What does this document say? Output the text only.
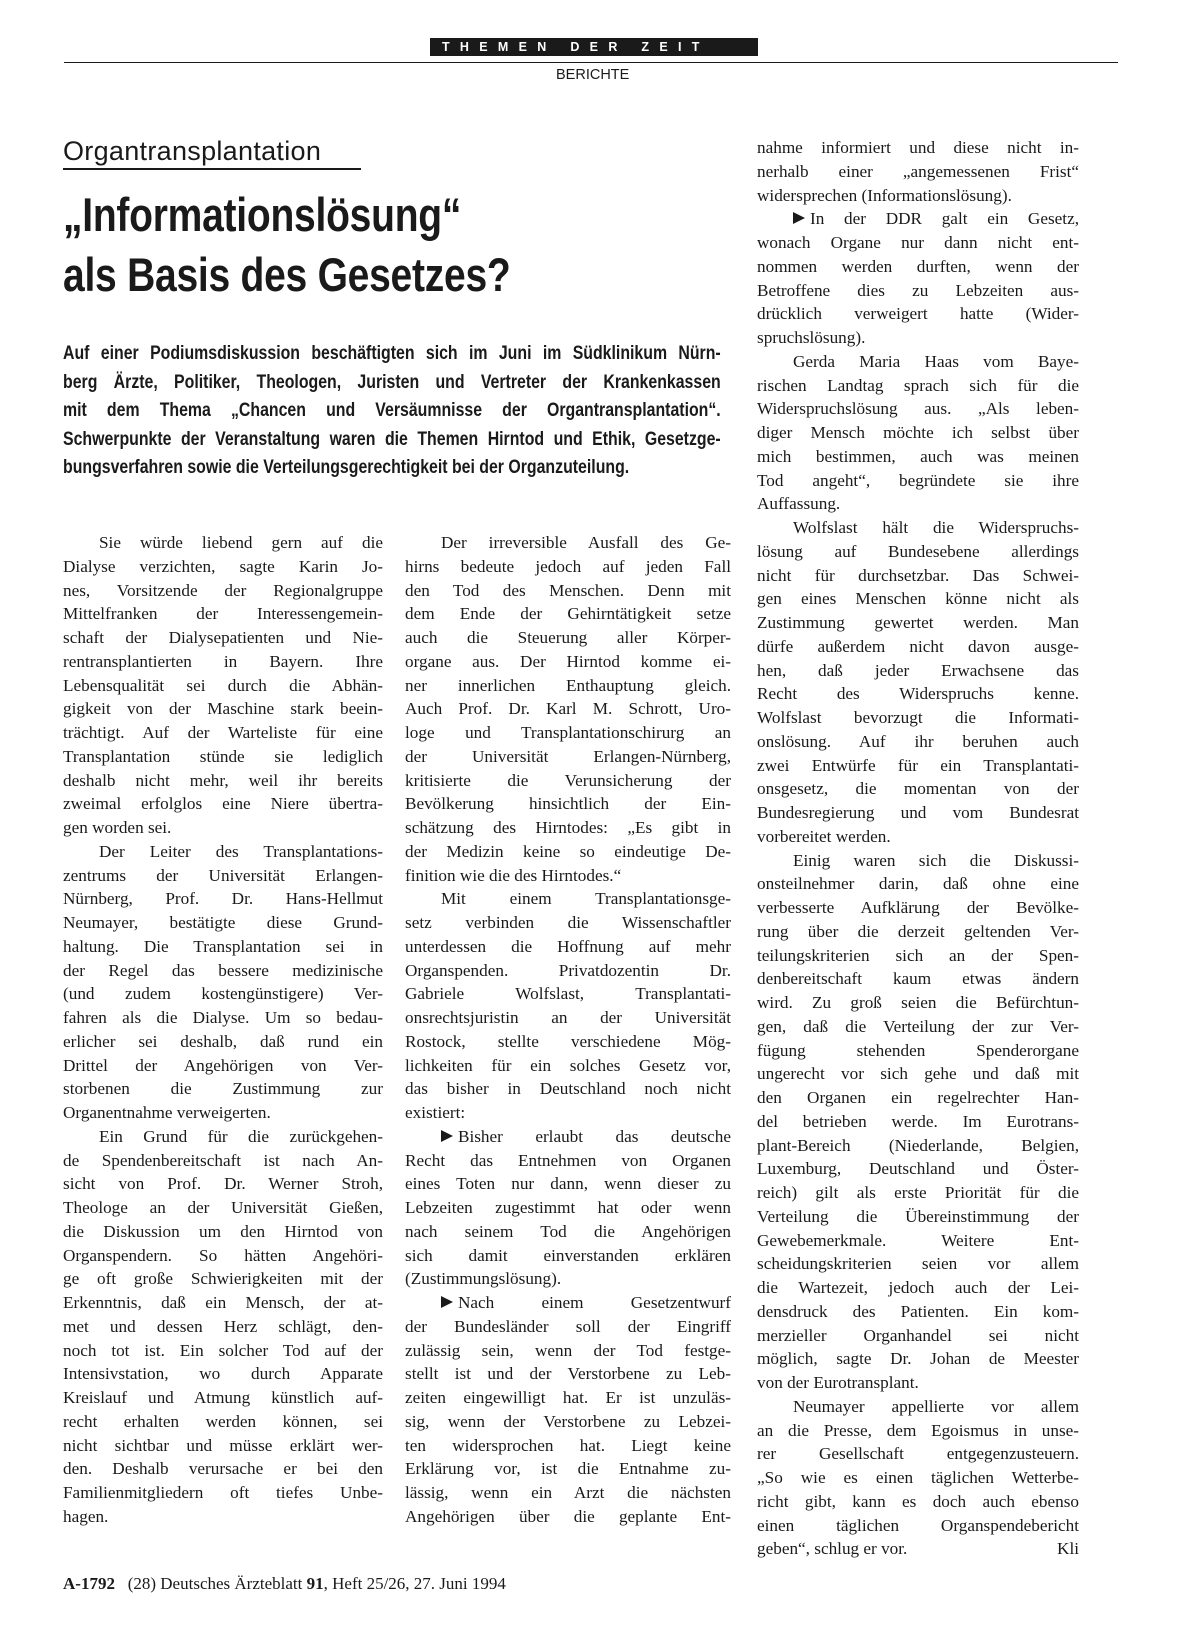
THEMEN DER ZEIT
BERICHTE
Organtransplantation
„Informationslösung“
als Basis des Gesetzes?
Auf einer Podiumsdiskussion beschäftigten sich im Juni im Südklinikum Nürn-
berg Ärzte, Politiker, Theologen, Juristen und Vertreter der Krankenkassen
mit dem Thema „Chancen und Versäumnisse der Organtransplantation“.
Schwerpunkte der Veranstaltung waren die Themen Hirntod und Ethik, Gesetzge-
bungsverfahren sowie die Verteilungsgerechtigkeit bei der Organzuteilung.
Sie würde liebend gern auf die
Dialyse verzichten, sagte Karin Jo-
nes, Vorsitzende der Regionalgruppe
Mittelfranken der Interessengemein-
schaft der Dialysepatienten und Nie-
rentransplantierten in Bayern. Ihre
Lebensqualität sei durch die Abhän-
gigkeit von der Maschine stark beein-
trächtigt. Auf der Warteliste für eine
Transplantation stünde sie lediglich
deshalb nicht mehr, weil ihr bereits
zweimal erfolglos eine Niere übertra-
gen worden sei.
Der Leiter des Transplantations-
zentrums der Universität Erlangen-
Nürnberg, Prof. Dr. Hans-Hellmut
Neumayer, bestätigte diese Grund-
haltung. Die Transplantation sei in
der Regel das bessere medizinische
(und zudem kostengünstigere) Ver-
fahren als die Dialyse. Um so bedau-
erlicher sei deshalb, daß rund ein
Drittel der Angehörigen von Ver-
storbenen die Zustimmung zur
Organentnahme verweigerten.
Ein Grund für die zurückgehen-
de Spendenbereitschaft ist nach An-
sicht von Prof. Dr. Werner Stroh,
Theologe an der Universität Gießen,
die Diskussion um den Hirntod von
Organspendern. So hätten Angehöri-
ge oft große Schwierigkeiten mit der
Erkenntnis, daß ein Mensch, der at-
met und dessen Herz schlägt, den-
noch tot ist. Ein solcher Tod auf der
Intensivstation, wo durch Apparate
Kreislauf und Atmung künstlich auf-
recht erhalten werden können, sei
nicht sichtbar und müsse erklärt wer-
den. Deshalb verursache er bei den
Familienmitgliedern oft tiefes Unbe-
hagen.
Der irreversible Ausfall des Ge-
hirns bedeute jedoch auf jeden Fall
den Tod des Menschen. Denn mit
dem Ende der Gehirntätigkeit setze
auch die Steuerung aller Körper-
organe aus. Der Hirntod komme ei-
ner innerlichen Enthauptung gleich.
Auch Prof. Dr. Karl M. Schrott, Uro-
loge und Transplantationschirurg an
der Universität Erlangen-Nürnberg,
kritisierte die Verunsicherung der
Bevölkerung hinsichtlich der Ein-
schätzung des Hirntodes: „Es gibt in
der Medizin keine so eindeutige De-
finition wie die des Hirntodes.“
Mit einem Transplantationsge-
setz verbinden die Wissenschaftler
unterdessen die Hoffnung auf mehr
Organspenden. Privatdozentin Dr.
Gabriele Wolfslast, Transplantati-
onsrechtsjuristin an der Universität
Rostock, stellte verschiedene Mög-
lichkeiten für ein solches Gesetz vor,
das bisher in Deutschland noch nicht
existiert:
Bisher erlaubt das deutsche
Recht das Entnehmen von Organen
eines Toten nur dann, wenn dieser zu
Lebzeiten zugestimmt hat oder wenn
nach seinem Tod die Angehörigen
sich damit einverstanden erklären
(Zustimmungslösung).
Nach einem Gesetzentwurf
der Bundesländer soll der Eingriff
zulässig sein, wenn der Tod festge-
stellt ist und der Verstorbene zu Leb-
zeiten eingewilligt hat. Er ist unzuläs-
sig, wenn der Verstorbene zu Lebzei-
ten widersprochen hat. Liegt keine
Erklärung vor, ist die Entnahme zu-
lässig, wenn ein Arzt die nächsten
Angehörigen über die geplante Ent-
nahme informiert und diese nicht in-
nerhalb einer „angemessenen Frist“
widersprechen (Informationslösung).
In der DDR galt ein Gesetz,
wonach Organe nur dann nicht ent-
nommen werden durften, wenn der
Betroffene dies zu Lebzeiten aus-
drücklich verweigert hatte (Wider-
spruchslösung).
Gerda Maria Haas vom Baye-
rischen Landtag sprach sich für die
Widerspruchslösung aus. „Als leben-
diger Mensch möchte ich selbst über
mich bestimmen, auch was meinen
Tod angeht“, begründete sie ihre
Auffassung.
Wolfslast hält die Widerspruchs-
lösung auf Bundesebene allerdings
nicht für durchsetzbar. Das Schwei-
gen eines Menschen könne nicht als
Zustimmung gewertet werden. Man
dürfe außerdem nicht davon ausge-
hen, daß jeder Erwachsene das
Recht des Widerspruchs kenne.
Wolfslast bevorzugt die Informati-
onslösung. Auf ihr beruhen auch
zwei Entwürfe für ein Transplantati-
onsgesetz, die momentan von der
Bundesregierung und vom Bundesrat
vorbereitet werden.
Einig waren sich die Diskussi-
onsteilnehmer darin, daß ohne eine
verbesserte Aufklärung der Bevölke-
rung über die derzeit geltenden Ver-
teilungskriterien sich an der Spen-
denbereitschaft kaum etwas ändern
wird. Zu groß seien die Befürchtun-
gen, daß die Verteilung der zur Ver-
fügung stehenden Spenderorgane
ungerecht vor sich gehe und daß mit
den Organen ein regelrechter Han-
del betrieben werde. Im Eurotrans-
plant-Bereich (Niederlande, Belgien,
Luxemburg, Deutschland und Öster-
reich) gilt als erste Priorität für die
Verteilung die Übereinstimmung der
Gewebemerkmale. Weitere Ent-
scheidungskriterien seien vor allem
die Wartezeit, jedoch auch der Lei-
densdruck des Patienten. Ein kom-
merzieller Organhandel sei nicht
möglich, sagte Dr. Johan de Meester
von der Eurotransplant.
Neumayer appellierte vor allem
an die Presse, dem Egoismus in unse-
rer Gesellschaft entgegenzusteuern.
„So wie es einen täglichen Wetterbe-
richt gibt, kann es doch auch ebenso
einen täglichen Organspendebericht
geben“, schlug er vor.	Kli
A-1792 (28) Deutsches Ärzteblatt 91, Heft 25/26, 27. Juni 1994
